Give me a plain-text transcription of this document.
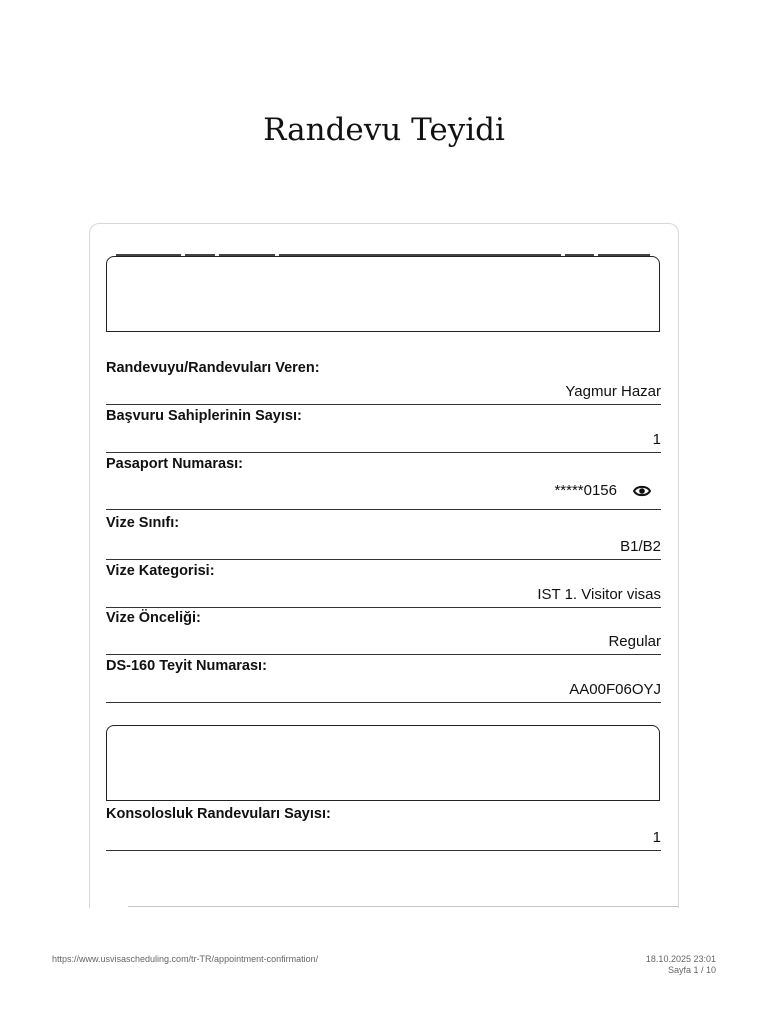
Randevu Teyidi
Randevuyu/Randevuları Veren:
Yagmur Hazar
Başvuru Sahiplerinin Sayısı:
1
Pasaport Numarası:
*****0156
Vize Sınıfı:
B1/B2
Vize Kategorisi:
IST 1. Visitor visas
Vize Önceliği:
Regular
DS-160 Teyit Numarası:
AA00F06OYJ
Konsolosluk Randevuları Sayısı:
1
https://www.usvisascheduling.com/tr-TR/appointment-confirmation/	18.10.2025 23:01
Sayfa 1 / 10
